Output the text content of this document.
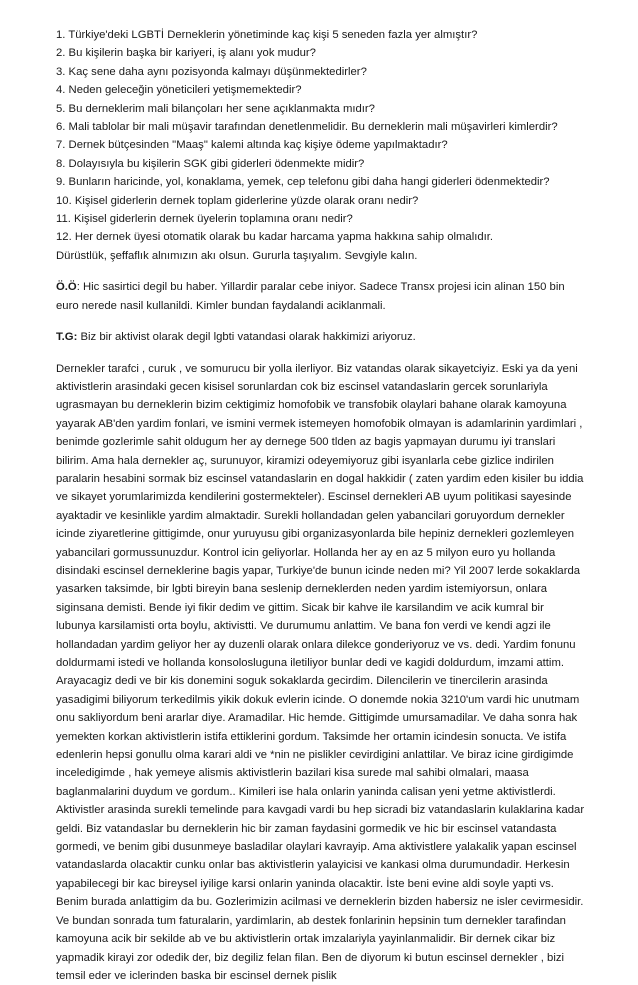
1. Türkiye'deki LGBTİ Derneklerin yönetiminde kaç kişi 5 seneden fazla yer almıştır?
2. Bu kişilerin başka bir kariyeri, iş alanı yok mudur?
3. Kaç sene daha aynı pozisyonda kalmayı düşünmektedirler?
4. Neden geleceğin yöneticileri yetişmemektedir?
5. Bu derneklerim mali bilançoları her sene açıklanmakta mıdır?
6. Mali tablolar bir mali müşavir tarafından denetlenmelidir. Bu derneklerin mali müşavirleri kimlerdir?
7. Dernek bütçesinden "Maaş" kalemi altında kaç kişiye ödeme yapılmaktadır?
8. Dolayısıyla bu kişilerin SGK gibi giderleri ödenmekte midir?
9. Bunların haricinde, yol, konaklama, yemek, cep telefonu gibi daha hangi giderleri ödenmektedir?
10. Kişisel giderlerin dernek toplam giderlerine yüzde olarak oranı nedir?
11. Kişisel giderlerin dernek üyelerin toplamına oranı nedir?
12. Her dernek üyesi otomatik olarak bu kadar harcama yapma hakkına sahip olmalıdır.
Dürüstlük, şeffaflık alnımızın akı olsun. Gururla taşıyalım. Sevgiyle kalın.
Ö.Ö: Hic sasirtici degil bu haber. Yillardir paralar cebe iniyor. Sadece Transx projesi icin alinan 150 bin euro nerede nasil kullanildi. Kimler bundan faydalandi aciklanmali.
T.G: Biz bir aktivist olarak degil lgbti vatandasi olarak hakkimizi ariyoruz.
Dernekler tarafci , curuk , ve somurucu bir yolla ilerliyor. Biz vatandas olarak sikayetciyiz. Eski ya da yeni aktivistlerin arasindaki gecen kisisel sorunlardan cok biz escinsel vatandaslarin gercek sorunlariyla ugrasmayan bu derneklerin bizim cektigimiz homofobik ve transfobik olaylari bahane olarak kamoyuna yayarak AB'den yardim fonlari, ve ismini vermek istemeyen homofobik olmayan is adamlarinin yardimlari , benimde gozlerimle sahit oldugum her ay dernege 500 tlden az bagis yapmayan durumu iyi translari bilirim. Ama hala dernekler aç, surunuyor, kiramizi odeyemiyoruz gibi isyanlarla cebe gizlice indirilen paralarin hesabini sormak biz escinsel vatandaslarin en dogal hakkidir ( zaten yardim eden kisiler bu iddia ve sikayet yorumlarimizda kendilerini gostermekteler). Escinsel dernekleri AB uyum politikasi sayesinde ayaktadir ve kesinlikle yardim almaktadir. Surekli hollandadan gelen yabancilari goruyordum dernekler icinde ziyaretlerine gittigimde, onur yuruyusu gibi organizasyonlarda bile hepiniz dernekleri gozlemleyen yabancilari gormussunuzdur. Kontrol icin geliyorlar. Hollanda her ay en az 5 milyon euro yu hollanda disindaki escinsel derneklerine bagis yapar, Turkiye'de bunun icinde neden mi? Yil 2007 lerde sokaklarda yasarken taksimde, bir lgbti bireyin bana seslenip derneklerden neden yardim istemiyorsun, onlara siginsana demisti. Bende iyi fikir dedim ve gittim. Sicak bir kahve ile karsilandim ve acik kumral bir lubunya karsilamisti orta boylu, aktivistti. Ve durumumu anlattim. Ve bana fon verdi ve kendi agzi ile hollandadan yardim geliyor her ay duzenli olarak onlara dilekce gonderiyoruz ve vs. dedi. Yardim fonunu doldurmami istedi ve hollanda konsolosluguna iletiliyor bunlar dedi ve kagidi doldurdum, imzami attim. Arayacagiz dedi ve bir kis donemini soguk sokaklarda gecirdim. Dilencilerin ve tinercilerin arasinda yasadigimi biliyorum terkedilmis yikik dokuk evlerin icinde. O donemde nokia 3210'um vardi hic unutmam onu sakliyordum beni ararlar diye. Aramadilar. Hic hemde. Gittigimde umursamadilar. Ve daha sonra hak yemekten korkan aktivistlerin istifa ettiklerini gordum. Taksimde her ortamin icindesin sonucta. Ve istifa edenlerin hepsi gonullu olma karari aldi ve *nin ne pislikler cevirdigini anlattilar. Ve biraz icine girdigimde inceledigimde , hak yemeye alismis aktivistlerin bazilari kisa surede mal sahibi olmalari, maasa baglanmalarini duydum ve gordum.. Kimileri ise hala onlarin yaninda calisan yeni yetme aktivistlerdi. Aktivistler arasinda surekli temelinde para kavgadi vardi bu hep sicradi biz vatandaslarin kulaklarina kadar geldi. Biz vatandaslar bu derneklerin hic bir zaman faydasini gormedik ve hic bir escinsel vatandasta gormedi, ve benim gibi dusunmeye basladilar olaylari kavrayip. Ama aktivistlere yalakalik yapan escinsel vatandaslarda olacaktir cunku onlar bas aktivistlerin yalayicisi ve kankasi olma durumundadir. Herkesin yapabilecegi bir kac bireysel iyilige karsi onlarin yaninda olacaktir. İste beni evine aldi soyle yapti vs. Benim burada anlattigim da bu. Gozlerimizin acilmasi ve derneklerin bizden habersiz ne isler cevirmesidir. Ve bundan sonrada tum faturalarin, yardimlarin, ab destek fonlarinin hepsinin tum dernekler tarafindan kamoyuna acik bir sekilde ab ve bu aktivistlerin ortak imzalariyla yayinlanmalidir. Bir dernek cikar biz yapmadik kirayi zor odedik der, biz degiliz felan filan. Ben de diyorum ki butun escinsel dernekler , bizi temsil eder ve iclerinden baska bir escinsel dernek pislik
